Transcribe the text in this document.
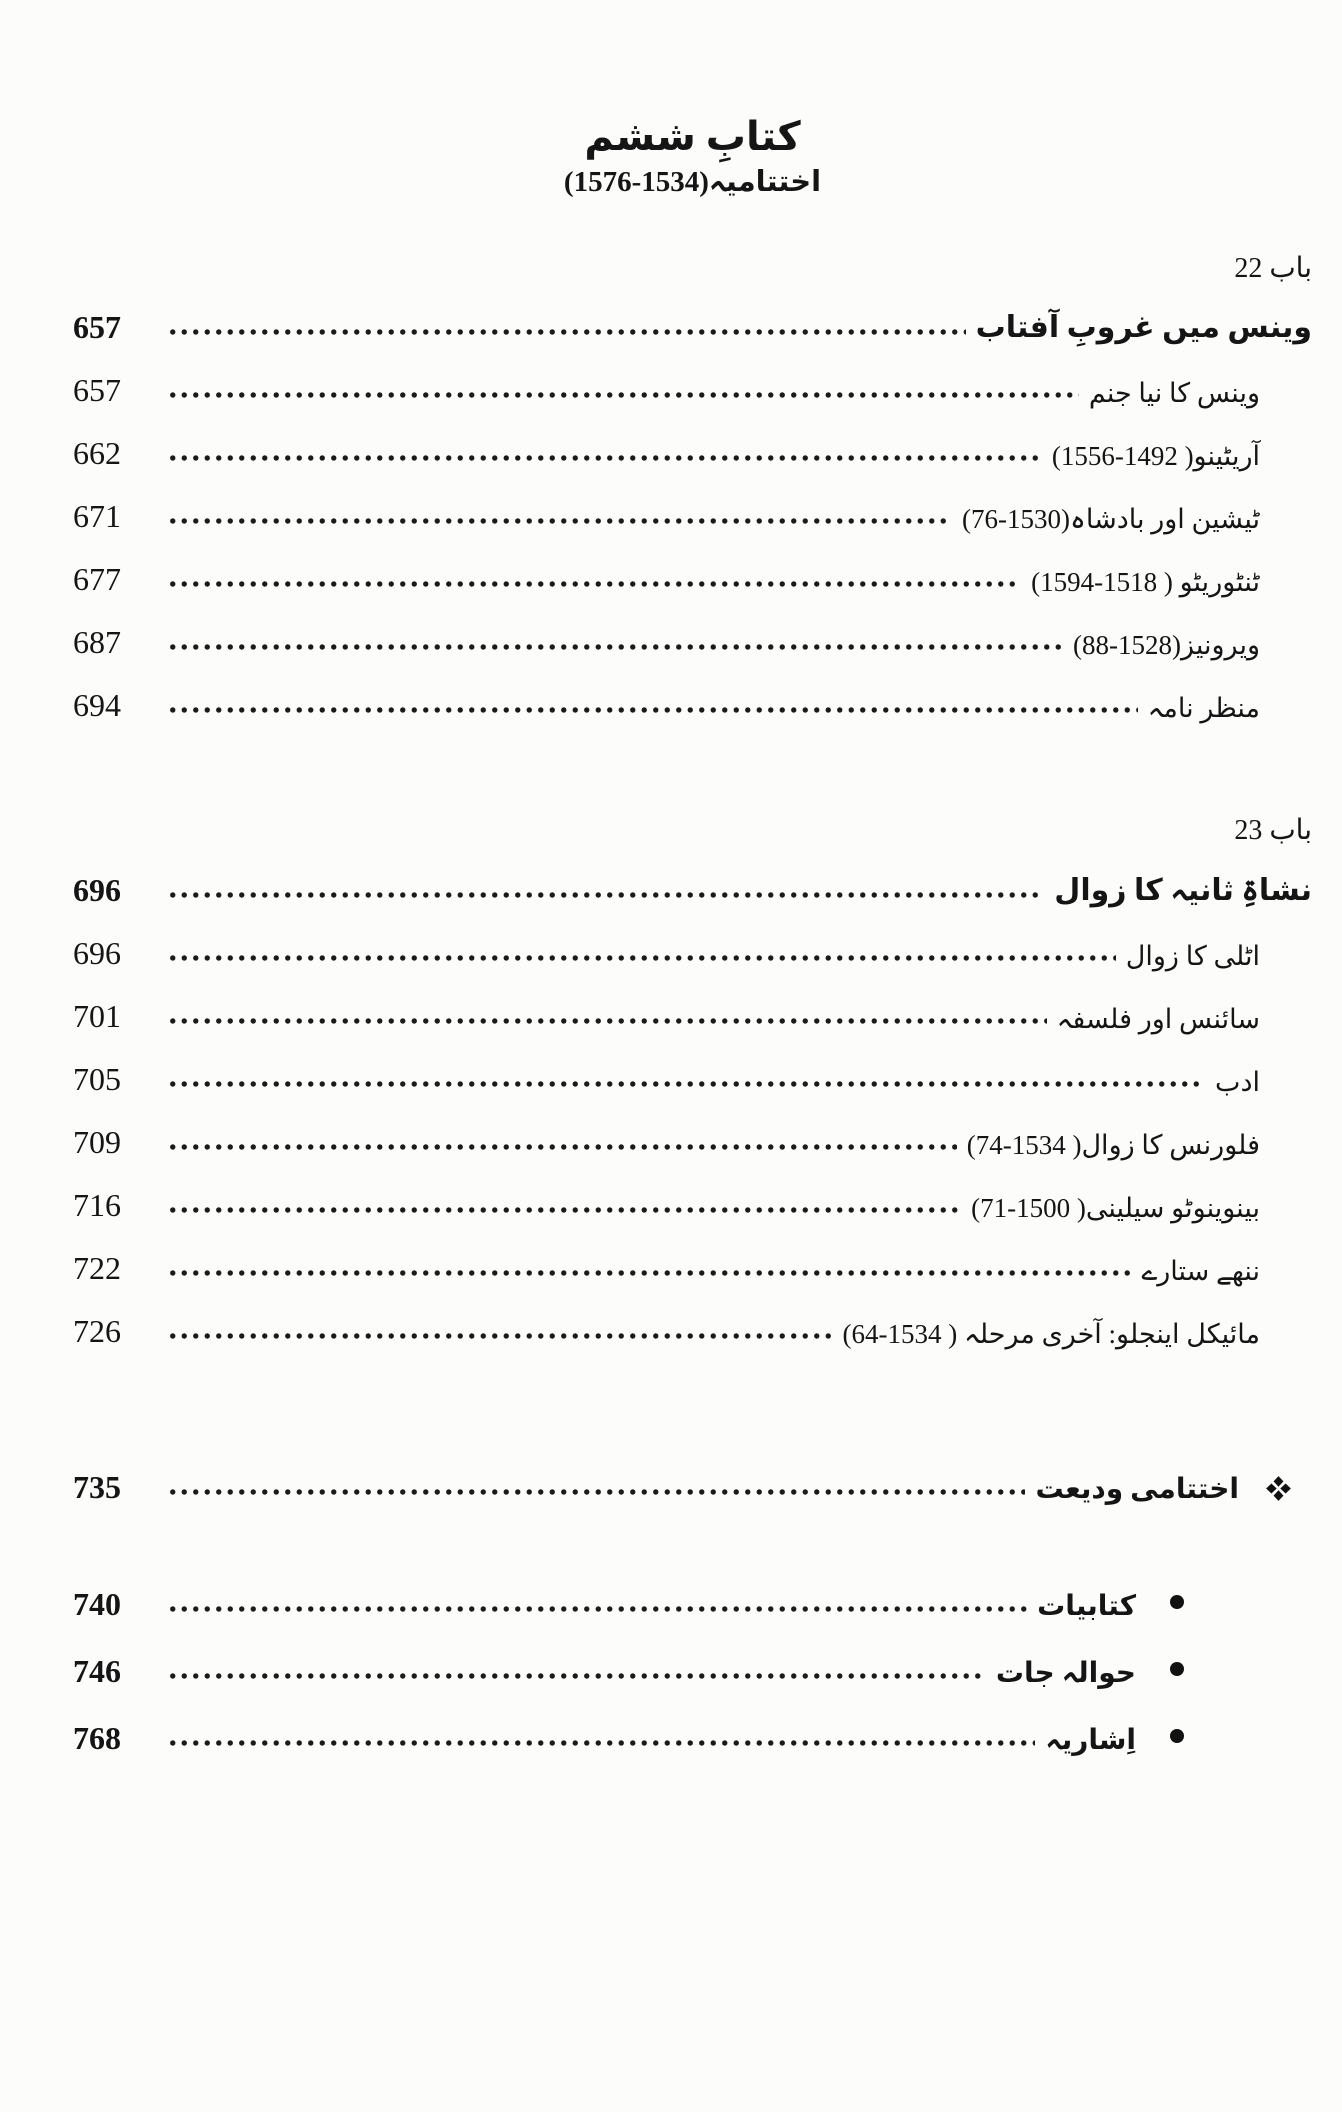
کتابِ ششم
اختتامیہ(1534-1576)
باب 22
وینس میں غروبِ آفتاب
657
وینس کا نیا جنم
657
آریٹینو( 1492-1556)
662
ٹیشین اور بادشاہ(1530-76)
671
ٹنٹوریٹو ( 1518-1594)
677
ویرونیز(1528-88)
687
منظر نامہ
694
باب 23
نشاۃِ ثانیہ کا زوال
696
اٹلی کا زوال
696
سائنس اور فلسفہ
701
ادب
705
فلورنس کا زوال( 1534-74)
709
بینوینوٹو سیلینی( 1500-71)
716
ننھے ستارے
722
مائیکل اینجلو: آخری مرحلہ ( 1534-64)
726
اختتامی ودیعت
735
کتابیات
740
حوالہ جات
746
اِشاریہ
768
